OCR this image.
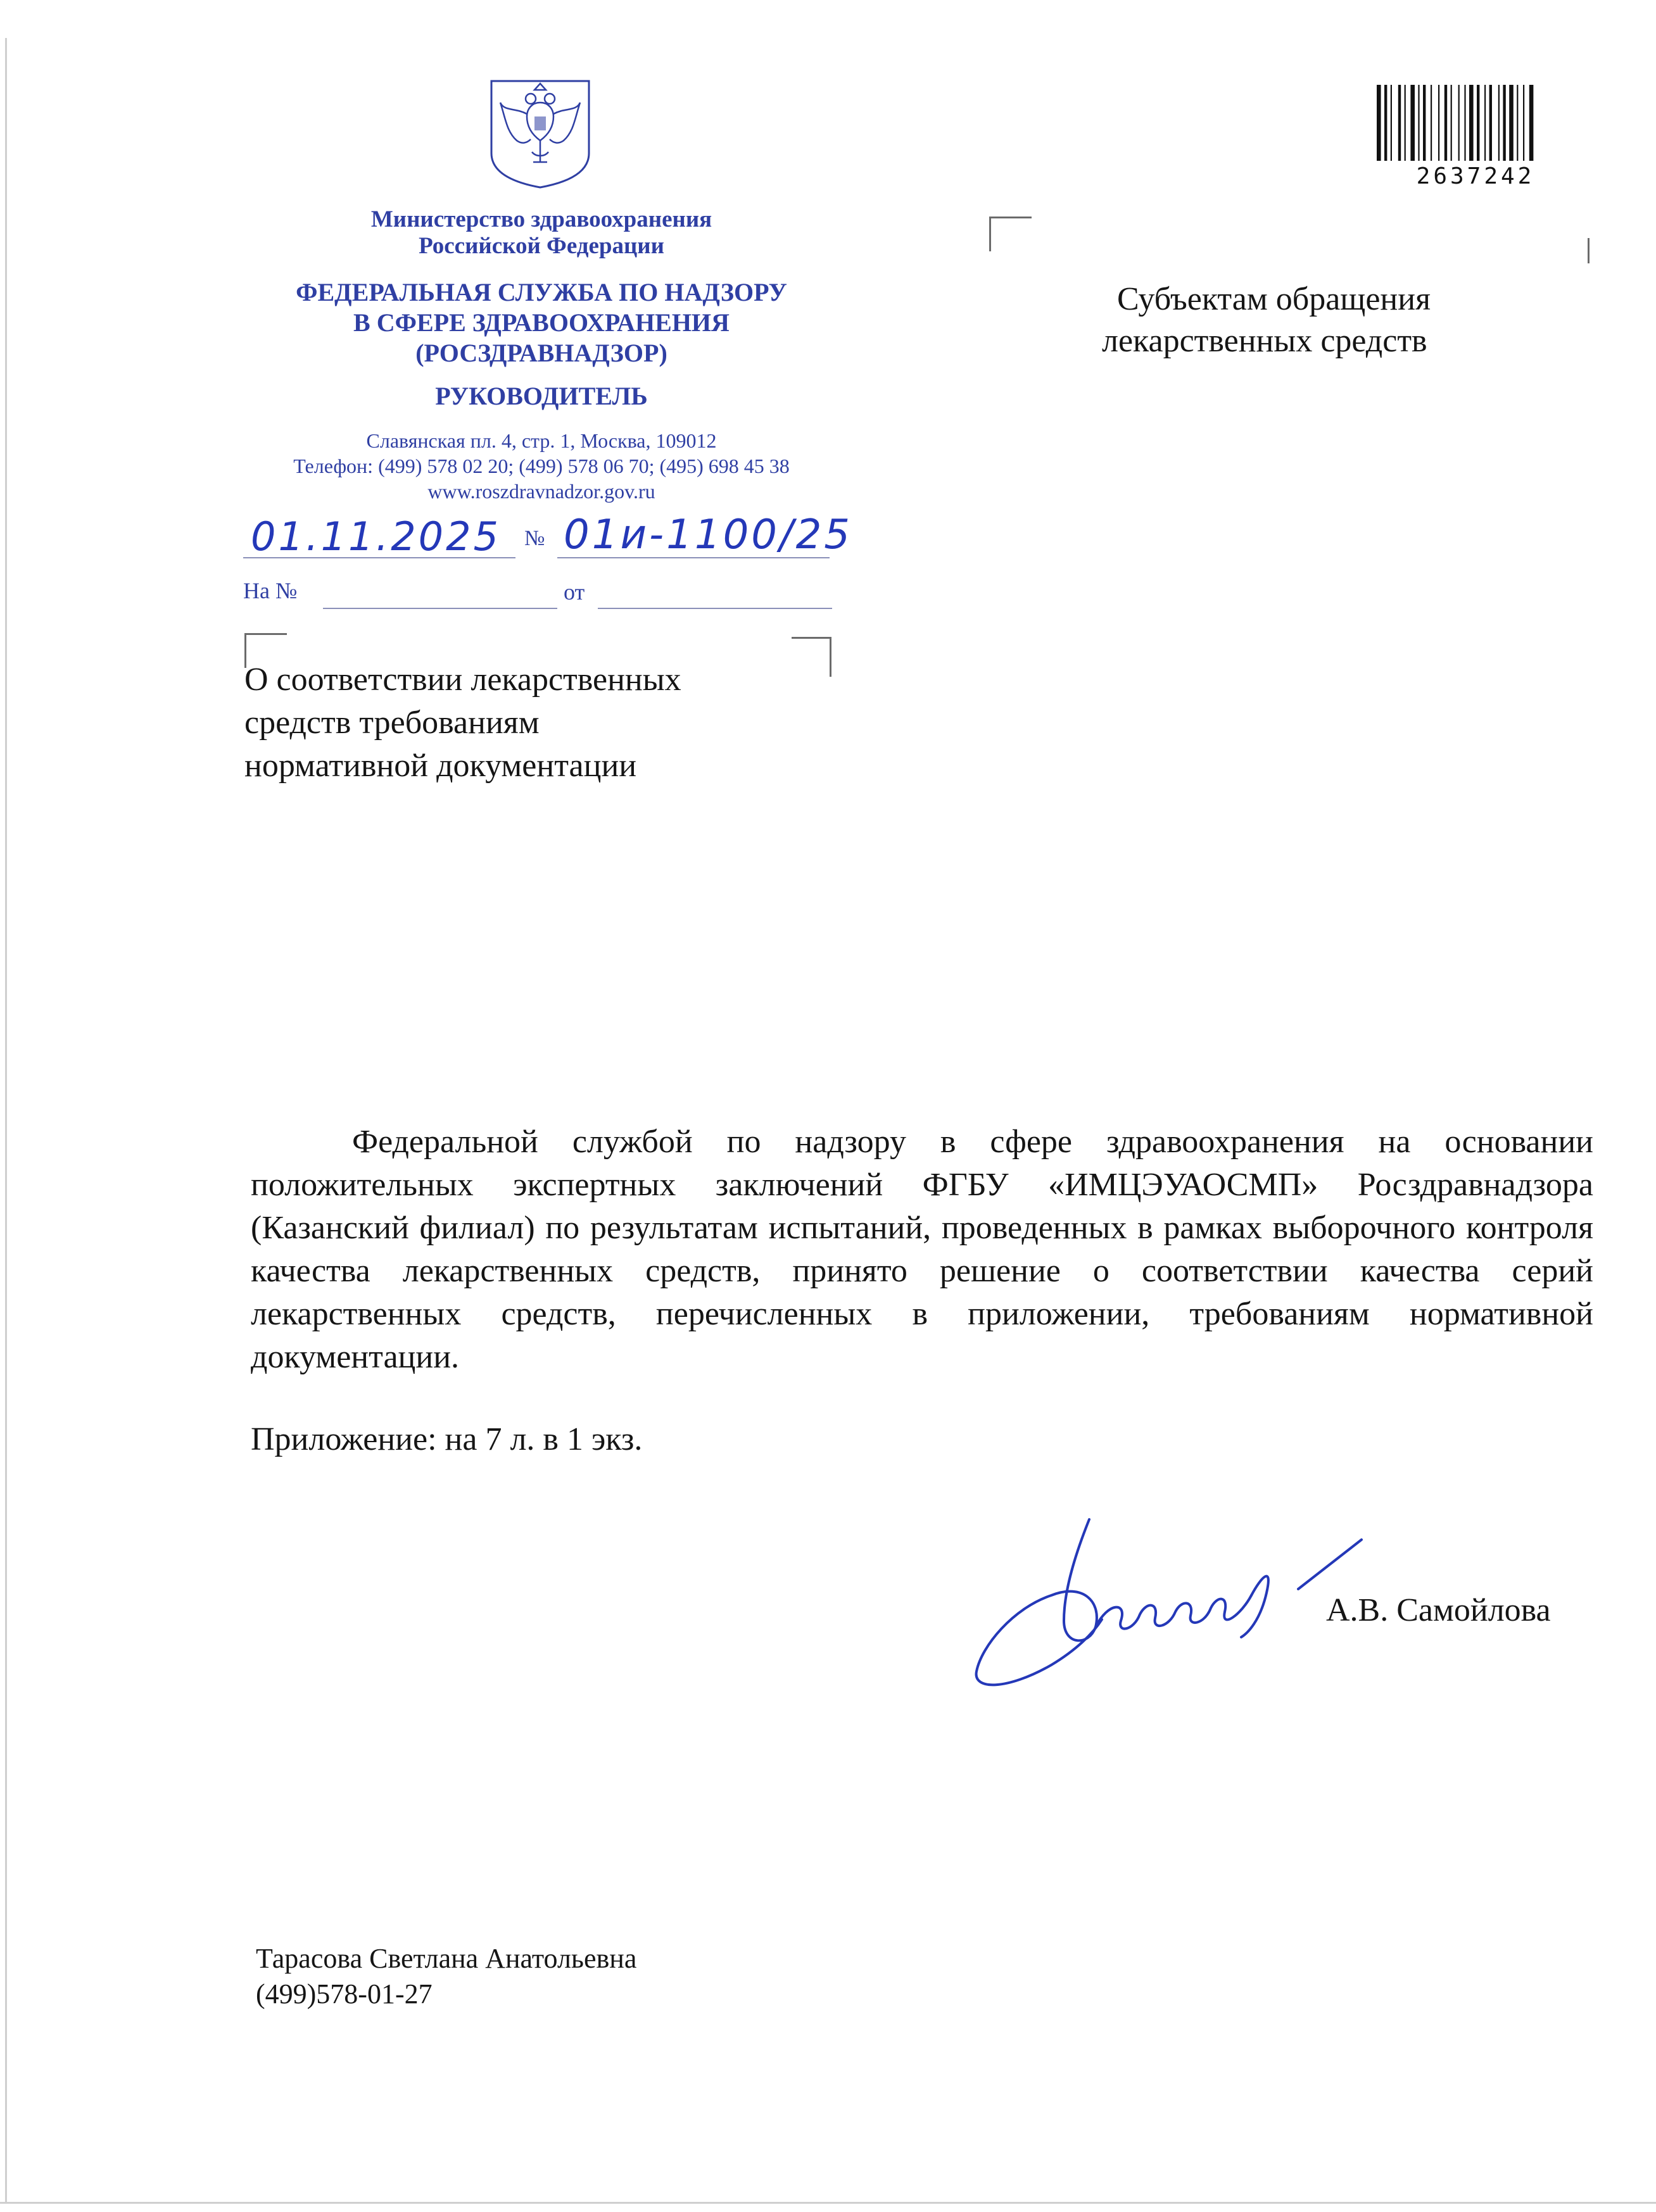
Министерство здравоохранения
Российской Федерации
ФЕДЕРАЛЬНАЯ СЛУЖБА ПО НАДЗОРУ
В СФЕРЕ ЗДРАВООХРАНЕНИЯ
(РОСЗДРАВНАДЗОР)
РУКОВОДИТЕЛЬ
Славянская пл. 4, стр. 1, Москва, 109012
Телефон: (499) 578 02 20; (499) 578 06 70; (495) 698 45 38
www.roszdravnadzor.gov.ru
01.11.2025	№ 01и-1100/25
На №	от
Субъектам обращения
лекарственных средств
О соответствии лекарственных
средств требованиям
нормативной документации

Федеральной службой по надзору в сфере здравоохранения на основании положительных экспертных заключений ФГБУ «ИМЦЭУАОСМП» Росздравнадзора (Казанский филиал) по результатам испытаний, проведенных в рамках выборочного контроля качества лекарственных средств, принято решение о соответствии качества серий лекарственных средств, перечисленных в приложении, требованиям нормативной документации.

Приложение: на 7 л. в 1 экз.
А.В. Самойлова
Тарасова Светлана Анатольевна
(499)578-01-27
2637242
